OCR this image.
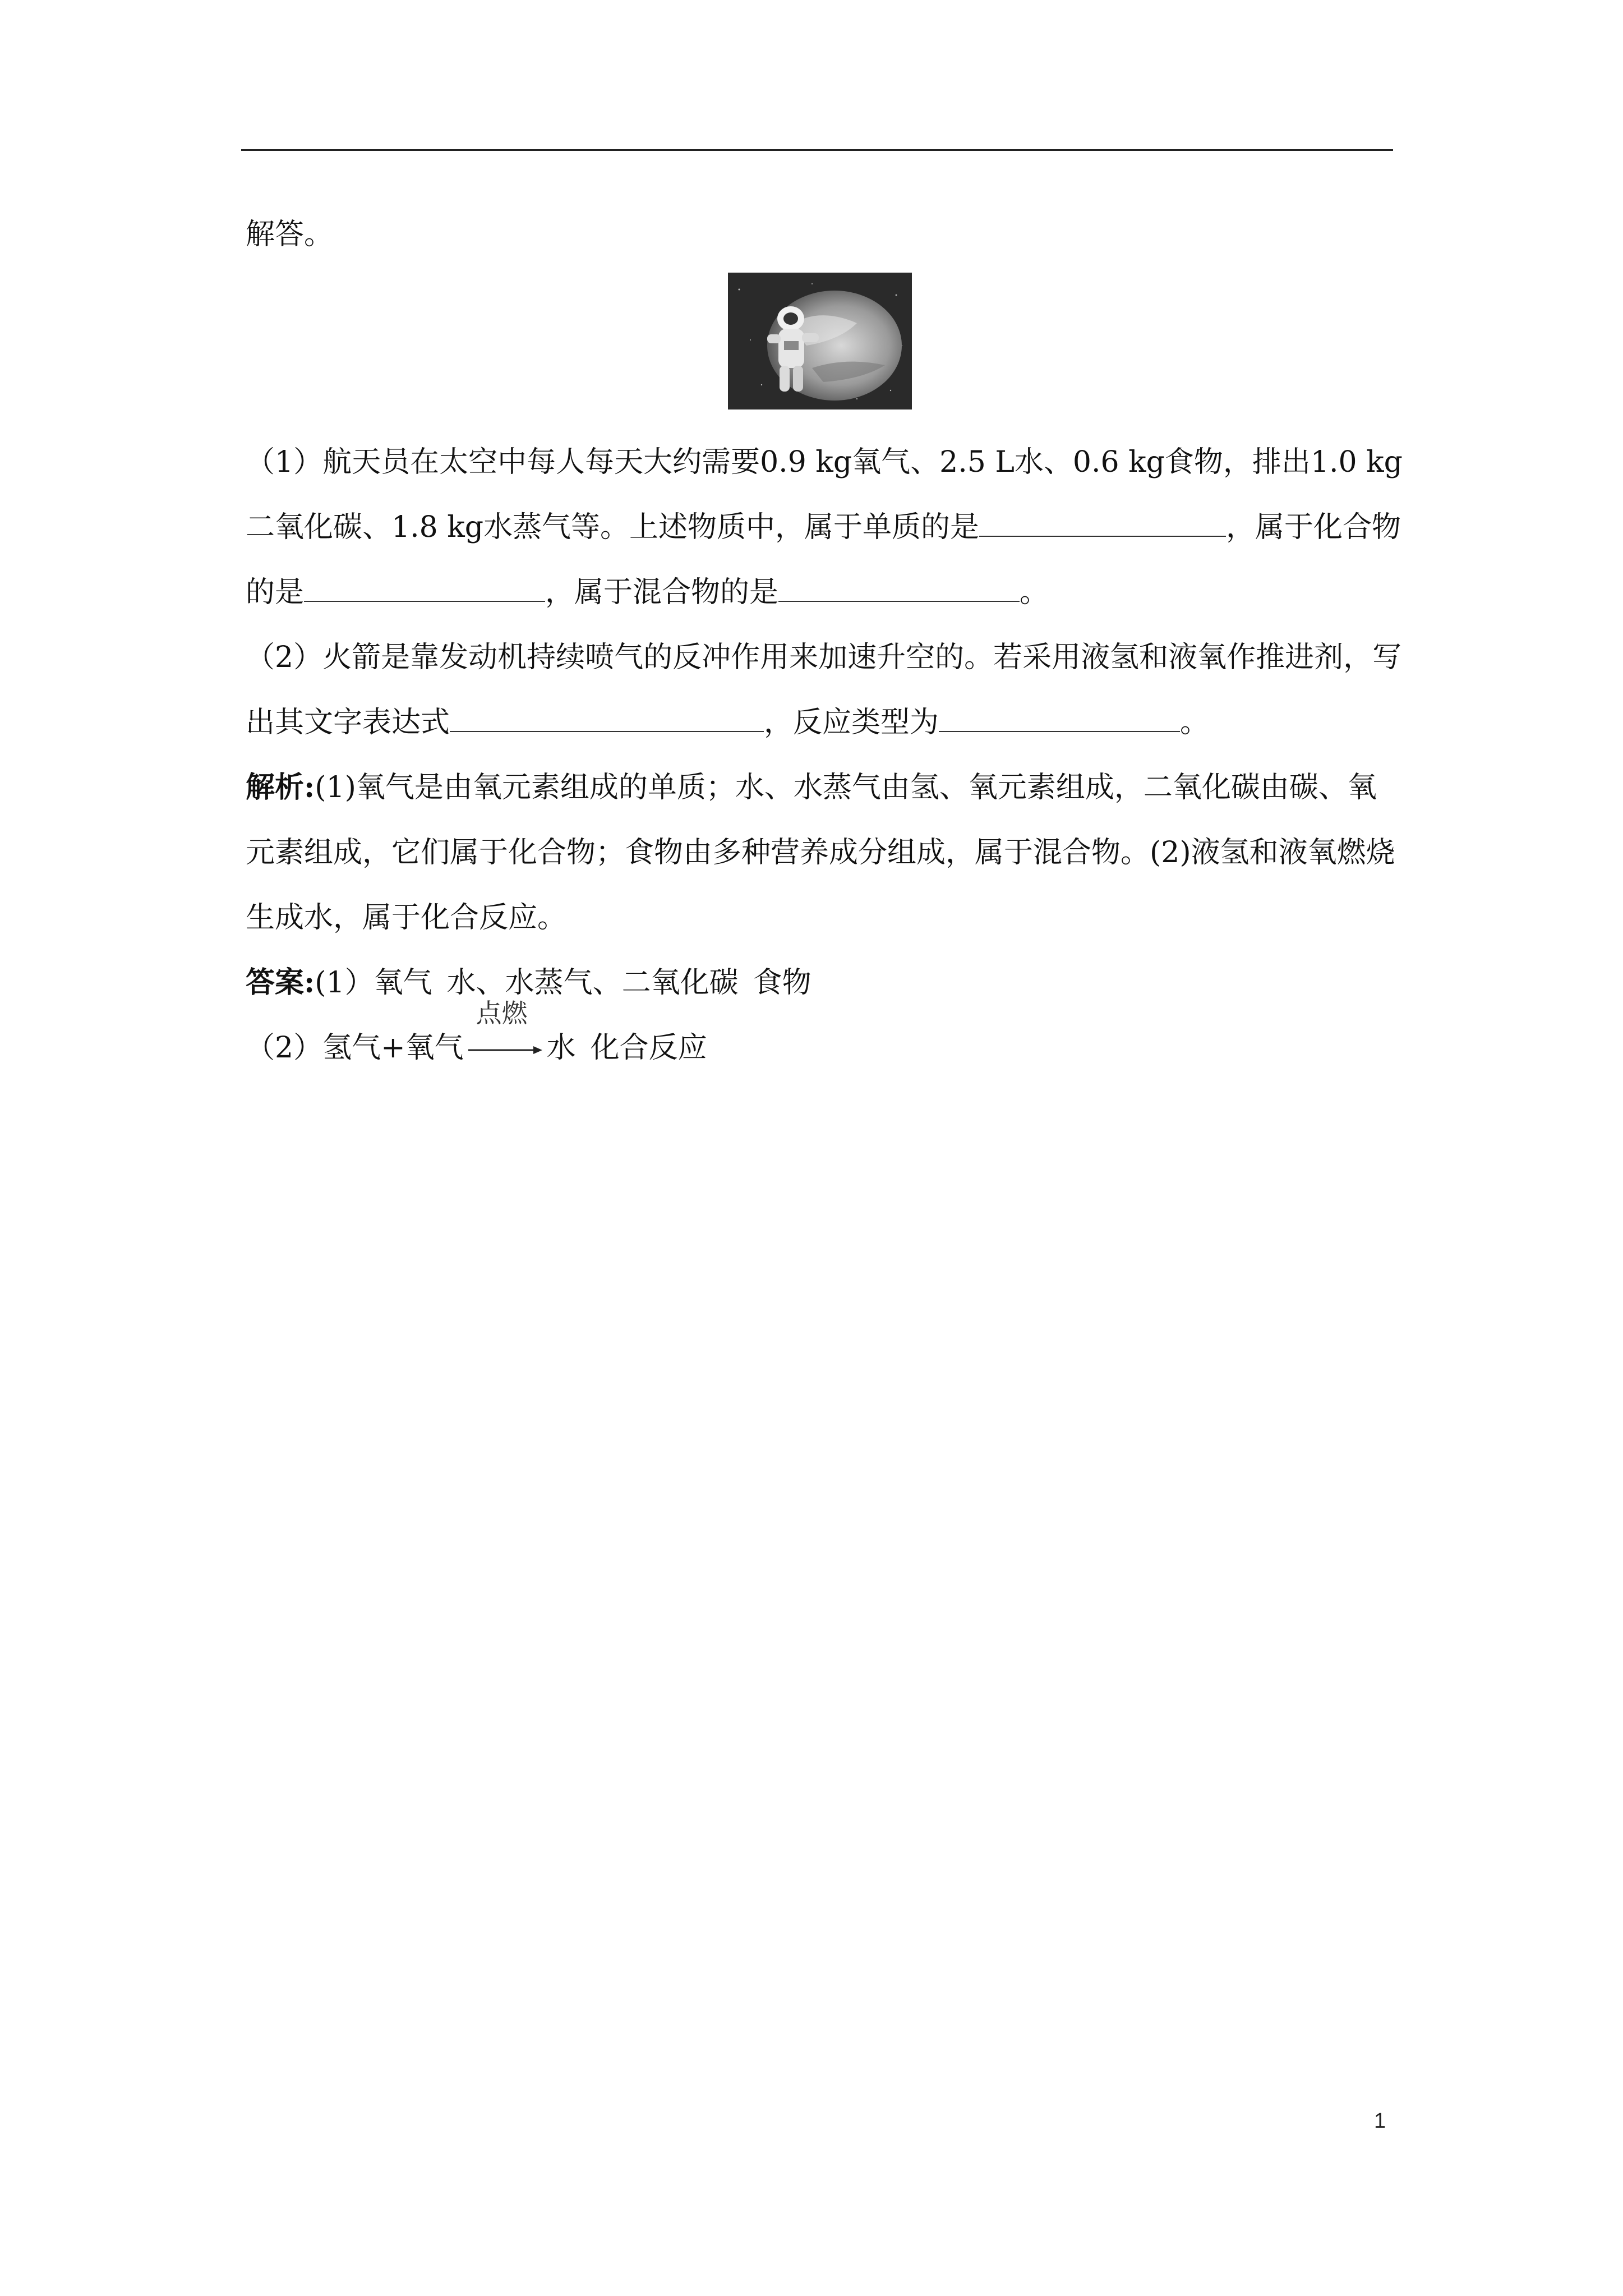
解答。
（1）航天员在太空中每人每天大约需要0.9 kg氧气、2.5 L水、0.6 kg食物，排出1.0 kg
二氧化碳、1.8 kg水蒸气等。上述物质中，属于单质的是	，属于化合物
的是	，属于混合物的是	。
（2）火箭是靠发动机持续喷气的反冲作用来加速升空的。若采用液氢和液氧作推进剂，写
出其文字表达式	，反应类型为	。
解析:(1)氧气是由氧元素组成的单质；水、水蒸气由氢、氧元素组成，二氧化碳由碳、氧
元素组成，它们属于化合物；食物由多种营养成分组成，属于混合物。(2)液氢和液氧燃烧
生成水，属于化合反应。
答案:(1）氧气 水、水蒸气、二氧化碳 食物
（2）氢气+氧气
点燃
水 化合反应
1
